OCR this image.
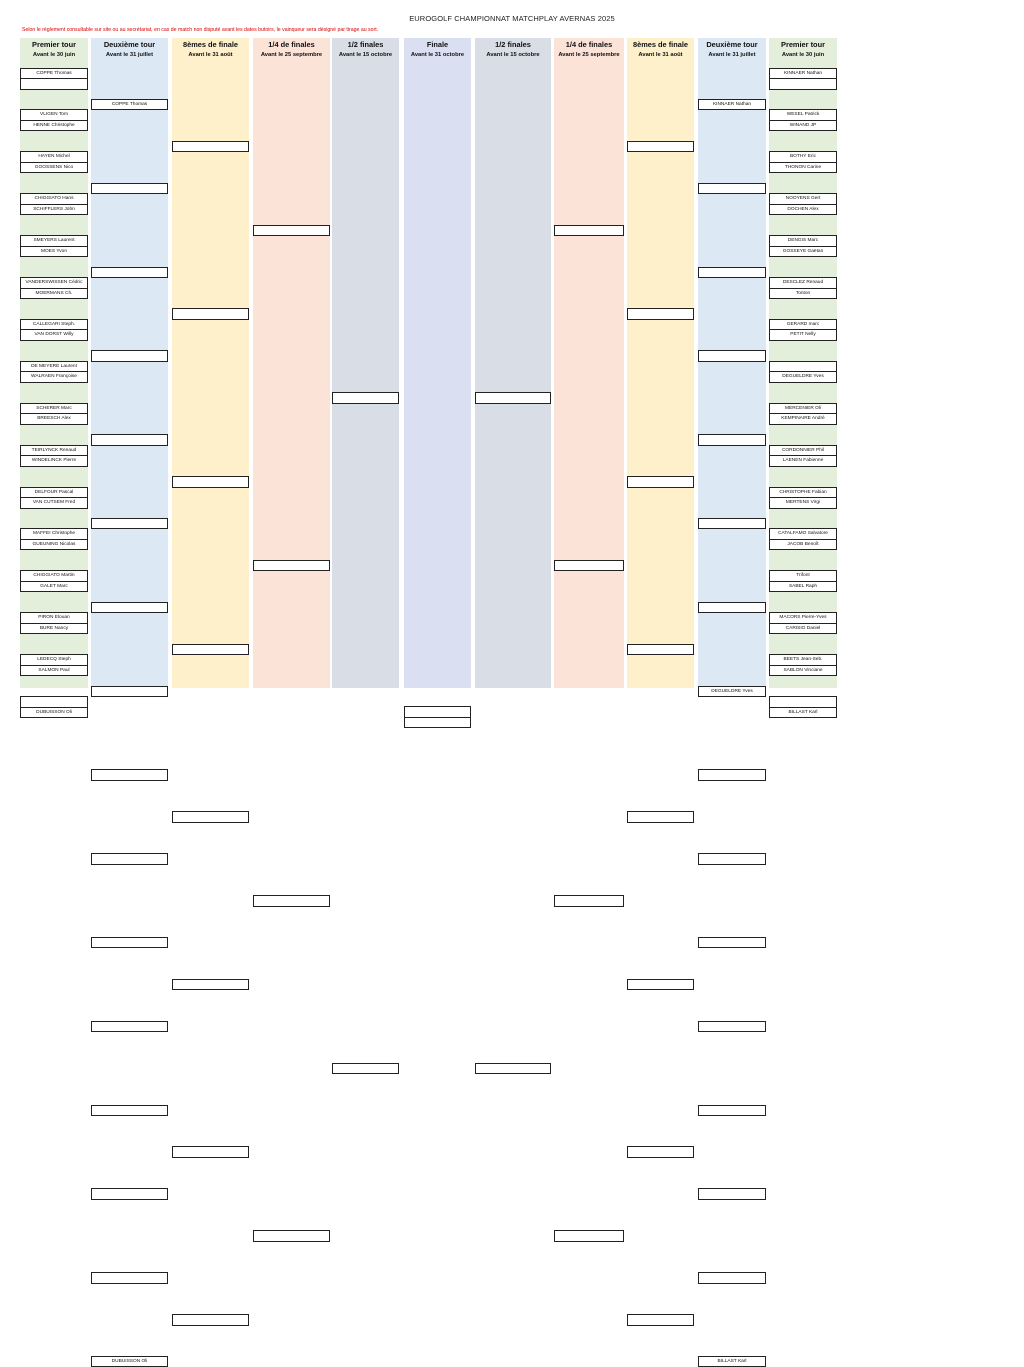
EUROGOLF CHAMPIONNAT MATCHPLAY AVERNAS 2025
Selon le règlement consultable sur site ou au secrétariat, en cas de match non disputé avant les dates butoirs, le vainqueur sera désigné par tirage au sort.
Premier tour
Avant le 30 juin
COPPE Thomas
VLIGEN Tom
HENNE Christophe
HAYEN Michel
GOOSSENS Nico
CHIGGIATO Hans
SCHIFFLERS John
SMEYERS Laurent
MOES Yvon
VANDERSWISSEN Cédric
MOERMANS Ch.
CALLEGARI Steph.
VAN DORST Willy
DE MEYERE Laurent
WALRAEN Françoise
SCHERER Marc
BREESCH Alex
TEIRLYNCK Renaud
WINDELINCK Pierre
DELFOUR Pascal
VAN CUTSEM Fred
MAFFEI Christophe
GUEUNING Nicolas
CHIGGIATO Martin
GALET Marc
PIRON Elouan
BURE Nancy
LEDECQ Steph
SALMON Paul
DUBUISSON Oli
Deuxième tour
Avant le 31 juillet
COPPE Thomas
DUBUISSON Oli
8èmes de finale
Avant le 31 août
1/4 de finales
Avant le 25 septembre
1/2 finales
Avant le 15 octobre
Finale
Avant le 31 octobre
1/2 finales
Avant le 15 octobre
1/4 de finales
Avant le 25 septembre
8èmes de finale
Avant le 31 août
Deuxième tour
Avant le 31 juillet
KINNAER Nathan
DEGUELDRE Yves
BILLAST Karl
Premier tour
Avant le 30 juin
KINNAER Nathan
WESEL Patrick
WINAND JP
BOTHY Eric
THONON Carine
NOOYENS Gert
DOCHEN Alex
DENGIS Marc
GOSSEYE Gaëtan
DESCLEZ Renaud
Tonton
GERARD marc
PETIT Nelly
DEGUELDRE Yves
MERCENIER Oli
KEMPINAIRE André
CORDONNIER Phil
LAENEN Fabienne
CHRISTOPHE Fabian
MERTENS Virgi
CATALFAMO Salvatore
JACOB Benoît
Trifont
SABEL Raph
MACORS Pierre-Yves
CARISIO Daniel
BEETS Jean-Seb.
SABLON Vinciane
BILLAST Karl
